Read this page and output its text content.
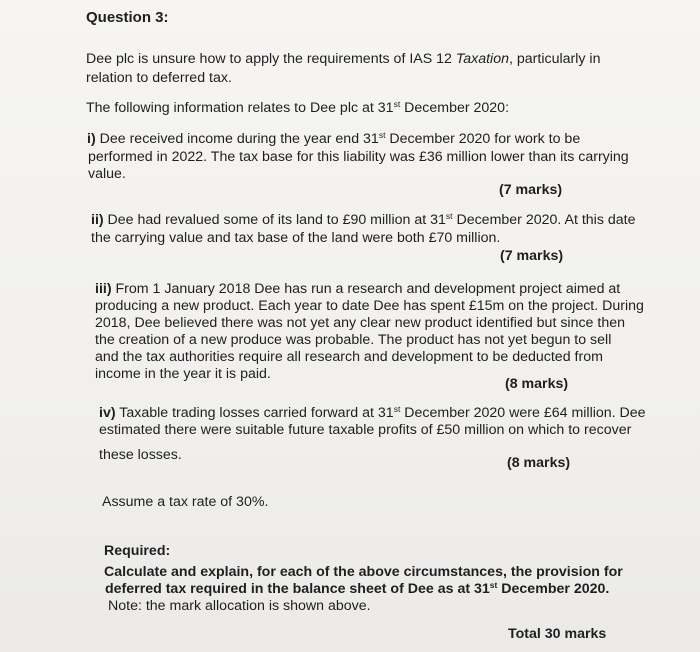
Question 3:
Dee plc is unsure how to apply the requirements of IAS 12 Taxation, particularly in
relation to deferred tax.
The following information relates to Dee plc at 31st December 2020:
i) Dee received income during the year end 31st December 2020 for work to be
performed in 2022. The tax base for this liability was £36 million lower than its carrying
value.
(7 marks)
ii) Dee had revalued some of its land to £90 million at 31st December 2020. At this date
the carrying value and tax base of the land were both £70 million.
(7 marks)
iii) From 1 January 2018 Dee has run a research and development project aimed at
producing a new product. Each year to date Dee has spent £15m on the project. During
2018, Dee believed there was not yet any clear new product identified but since then
the creation of a new produce was probable. The product has not yet begun to sell
and the tax authorities require all research and development to be deducted from
income in the year it is paid.
(8 marks)
iv) Taxable trading losses carried forward at 31st December 2020 were £64 million. Dee
estimated there were suitable future taxable profits of £50 million on which to recover
these losses.	(8 marks)
Assume a tax rate of 30%.
Required:
Calculate and explain, for each of the above circumstances, the provision for
deferred tax required in the balance sheet of Dee as at 31st December 2020.
Note: the mark allocation is shown above.
Total 30 marks
